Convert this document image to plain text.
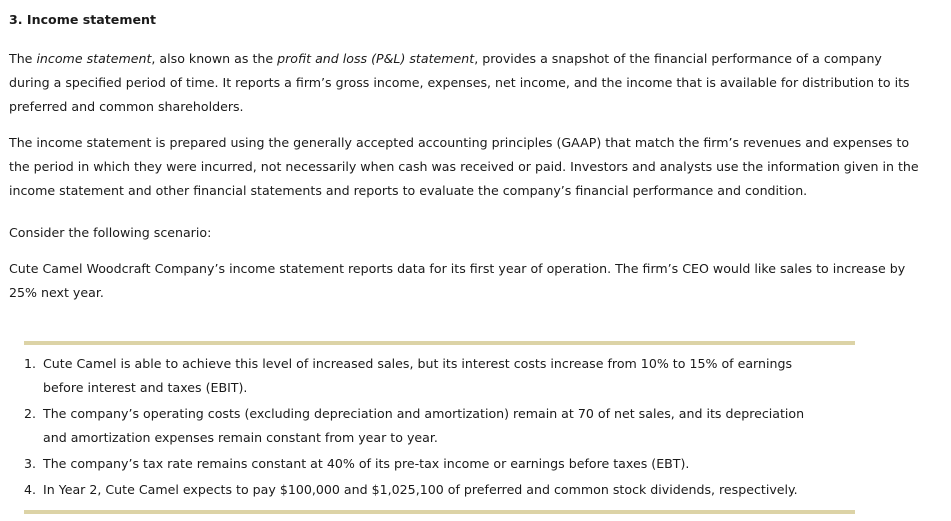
3. Income statement

The income statement, also known as the profit and loss (P&L) statement, provides a snapshot of the financial performance of a company during a specified period of time. It reports a firm’s gross income, expenses, net income, and the income that is available for distribution to its preferred and common shareholders.

The income statement is prepared using the generally accepted accounting principles (GAAP) that match the firm’s revenues and expenses to the period in which they were incurred, not necessarily when cash was received or paid. Investors and analysts use the information given in the income statement and other financial statements and reports to evaluate the company’s financial performance and condition.

Consider the following scenario:

Cute Camel Woodcraft Company’s income statement reports data for its first year of operation. The firm’s CEO would like sales to increase by 25% next year.

1. Cute Camel is able to achieve this level of increased sales, but its interest costs increase from 10% to 15% of earnings before interest and taxes (EBIT).
2. The company’s operating costs (excluding depreciation and amortization) remain at 70 of net sales, and its depreciation and amortization expenses remain constant from year to year.
3. The company’s tax rate remains constant at 40% of its pre-tax income or earnings before taxes (EBT).
4. In Year 2, Cute Camel expects to pay $100,000 and $1,025,100 of preferred and common stock dividends, respectively.
